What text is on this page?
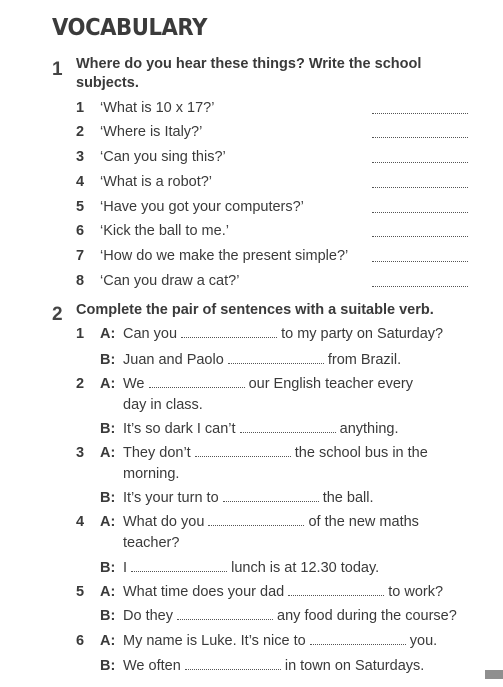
VOCABULARY
1 Where do you hear these things? Write the school subjects.
1 ‘What is 10 x 17?’
2 ‘Where is Italy?’
3 ‘Can you sing this?’
4 ‘What is a robot?’
5 ‘Have you got your computers?’
6 ‘Kick the ball to me.’
7 ‘How do we make the present simple?’
8 ‘Can you draw a cat?’
2 Complete the pair of sentences with a suitable verb.
1 A: Can you	to my party on Saturday?
B: Juan and Paolo	from Brazil.
2 A: We	our English teacher every
day in class.
B: It’s so dark I can’t	anything.
3 A: They don’t	the school bus in the
morning.
B: It’s your turn to	the ball.
4 A: What do you	of the new maths
teacher?
B: I	lunch is at 12.30 today.
5 A: What time does your dad	to work?
B: Do they	any food during the course?
6 A: My name is Luke. It’s nice to	you.
B: We often	in town on Saturdays.
